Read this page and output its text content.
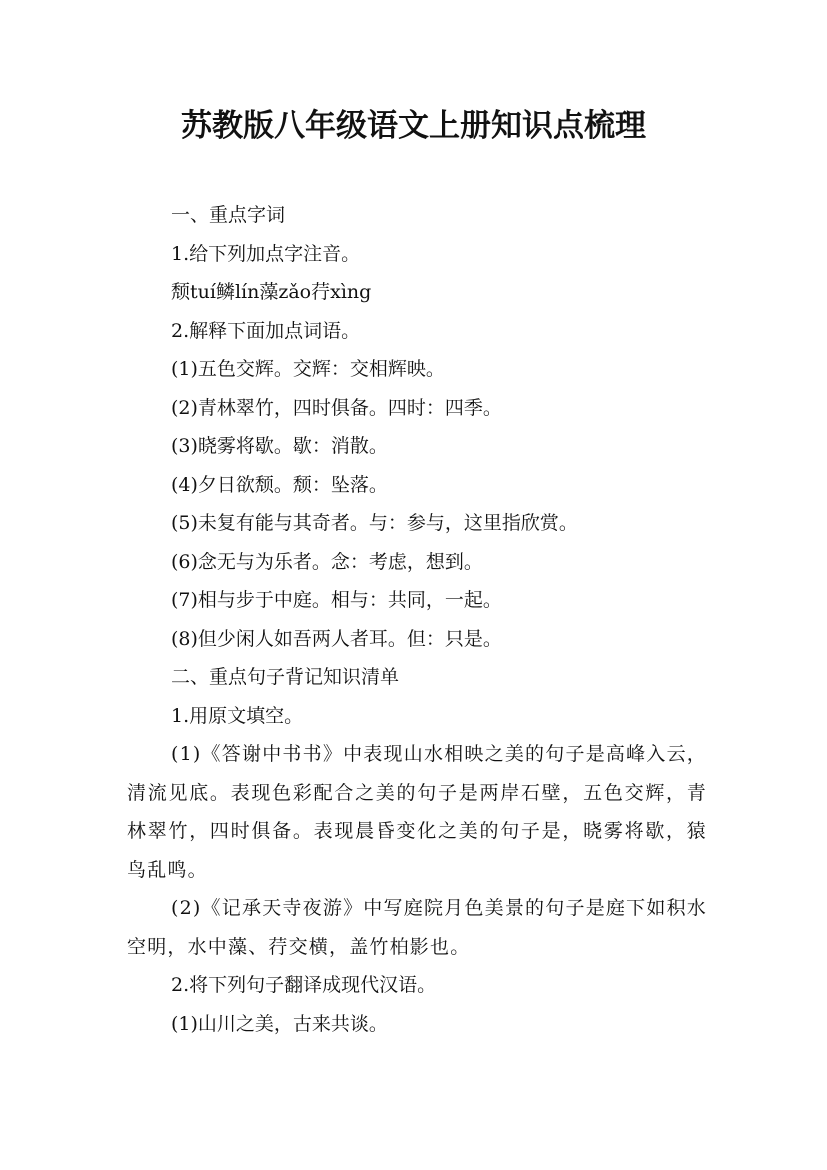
苏教版八年级语文上册知识点梳理

一、重点字词

1.给下列加点字注音。

颓tuí鳞lín藻zǎo荇xìng

2.解释下面加点词语。

(1)五色交辉。交辉：交相辉映。

(2)青林翠竹，四时俱备。四时：四季。

(3)晓雾将歇。歇：消散。

(4)夕日欲颓。颓：坠落。

(5)未复有能与其奇者。与：参与，这里指欣赏。

(6)念无与为乐者。念：考虑，想到。

(7)相与步于中庭。相与：共同，一起。

(8)但少闲人如吾两人者耳。但：只是。

二、重点句子背记知识清单

1.用原文填空。

(1)《答谢中书书》中表现山水相映之美的句子是高峰入云，清流见底。表现色彩配合之美的句子是两岸石壁，五色交辉，青林翠竹，四时俱备。表现晨昏变化之美的句子是，晓雾将歇，猿鸟乱鸣。

(2)《记承天寺夜游》中写庭院月色美景的句子是庭下如积水空明，水中藻、荇交横，盖竹柏影也。

2.将下列句子翻译成现代汉语。

(1)山川之美，古来共谈。
